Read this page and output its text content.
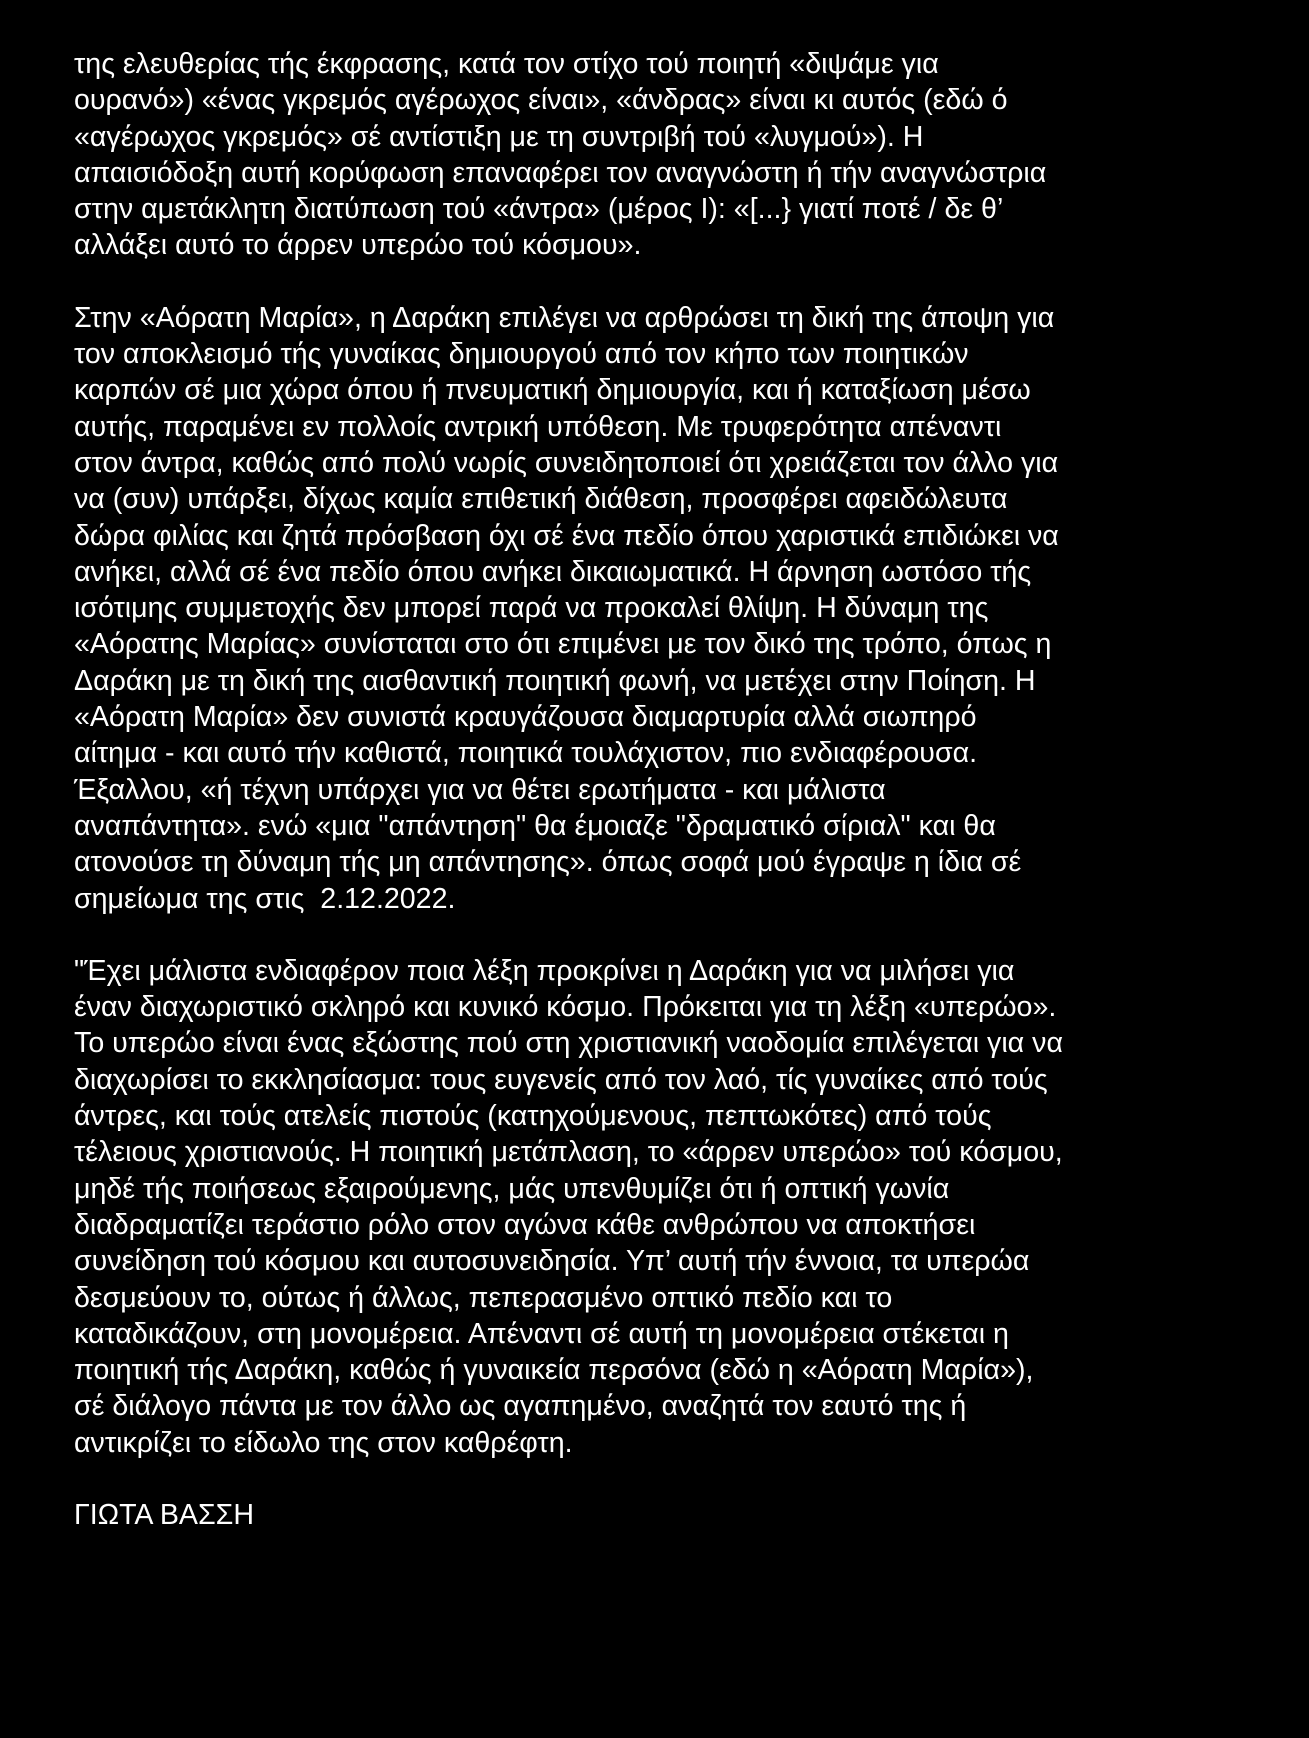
της ελευθερίας τής έκφρασης, κατά τον στίχο τού ποιητή «διψάμε για
ουρανό») «ένας γκρεμός αγέρωχος είναι», «άνδρας» είναι κι αυτός (εδώ ό
«αγέρωχος γκρεμός» σέ αντίστιξη με τη συντριβή τού «λυγμού»). Η
απαισιόδοξη αυτή κορύφωση επαναφέρει τον αναγνώστη ή τήν αναγνώστρια
στην αμετάκλητη διατύπωση τού «άντρα» (μέρος Ι): «[...} γιατί ποτέ / δε θ’
αλλάξει αυτό το άρρεν υπερώο τού κόσμου».

Στην «Αόρατη Μαρία», η Δαράκη επιλέγει να αρθρώσει τη δική της άποψη για
τον αποκλεισμό τής γυναίκας δημιουργού από τον κήπο των ποιητικών
καρπών σέ μια χώρα όπου ή πνευματική δημιουργία, και ή καταξίωση μέσω
αυτής, παραμένει εν πολλοίς αντρική υπόθεση. Με τρυφερότητα απέναντι
στον άντρα, καθώς από πολύ νωρίς συνειδητοποιεί ότι χρειάζεται τον άλλο για
να (συν) υπάρξει, δίχως καμία επιθετική διάθεση, προσφέρει αφειδώλευτα
δώρα φιλίας και ζητά πρόσβαση όχι σέ ένα πεδίο όπου χαριστικά επιδιώκει να
ανήκει, αλλά σέ ένα πεδίο όπου ανήκει δικαιωματικά. Η άρνηση ωστόσο τής
ισότιμης συμμετοχής δεν μπορεί παρά να προκαλεί θλίψη. Η δύναμη της
«Αόρατης Μαρίας» συνίσταται στο ότι επιμένει με τον δικό της τρόπο, όπως η
Δαράκη με τη δική της αισθαντική ποιητική φωνή, να μετέχει στην Ποίηση. Η
«Αόρατη Μαρία» δεν συνιστά κραυγάζουσα διαμαρτυρία αλλά σιωπηρό
αίτημα - και αυτό τήν καθιστά, ποιητικά τουλάχιστον, πιο ενδιαφέρουσα.
Έξαλλου, «ή τέχνη υπάρχει για να θέτει ερωτήματα - και μάλιστα
αναπάντητα». ενώ «μια "απάντηση" θα έμοιαζε "δραματικό σίριαλ" και θα
ατονούσε τη δύναμη τής μη απάντησης». όπως σοφά μού έγραψε η ίδια σέ
σημείωμα της στις  2.12.2022.

"Έχει μάλιστα ενδιαφέρον ποια λέξη προκρίνει η Δαράκη για να μιλήσει για
έναν διαχωριστικό σκληρό και κυνικό κόσμο. Πρόκειται για τη λέξη «υπερώο».
Το υπερώο είναι ένας εξώστης πού στη χριστιανική ναοδομία επιλέγεται για να
διαχωρίσει το εκκλησίασμα: τους ευγενείς από τον λαό, τίς γυναίκες από τούς
άντρες, και τούς ατελείς πιστούς (κατηχούμενους, πεπτωκότες) από τούς
τέλειους χριστιανούς. Η ποιητική μετάπλαση, το «άρρεν υπερώο» τού κόσμου,
μηδέ τής ποιήσεως εξαιρούμενης, μάς υπενθυμίζει ότι ή οπτική γωνία
διαδραματίζει τεράστιο ρόλο στον αγώνα κάθε ανθρώπου να αποκτήσει
συνείδηση τού κόσμου και αυτοσυνειδησία. Υπ’ αυτή τήν έννοια, τα υπερώα
δεσμεύουν το, ούτως ή άλλως, πεπερασμένο οπτικό πεδίο και το
καταδικάζουν, στη μονομέρεια. Απέναντι σέ αυτή τη μονομέρεια στέκεται η
ποιητική τής Δαράκη, καθώς ή γυναικεία περσόνα (εδώ η «Αόρατη Μαρία»),
σέ διάλογο πάντα με τον άλλο ως αγαπημένο, αναζητά τον εαυτό της ή
αντικρίζει το είδωλο της στον καθρέφτη.

ΓΙΩΤΑ ΒΑΣΣΗ
